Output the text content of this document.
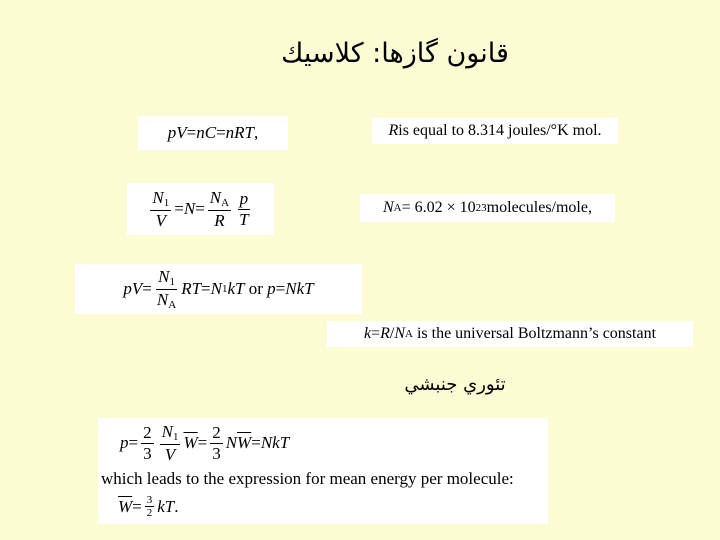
قانون گازها: كلاسيك
pV = nC = nRT ,	R is equal to 8.314 joules/°K mol.
$\frac{N_1}{V} = N = \frac{N_A}{R} \frac{p}{T}$	N A = 6.02 × 10 23 molecules/mole,
pV = $\frac{N_1}{N_A}$ RT = N 1 kT or p = NkT
k = R / N A is the universal Boltzmann’s constant
تئوري جنبشي
$p = \frac{2}{3} \frac{N_1}{V} \overline{W} = \frac{2}{3}$ N $\overline{W}$ = NkT
which leads to the expression for mean energy per molecule:
$\overline{W} = \frac{3}{2}$ kT .
